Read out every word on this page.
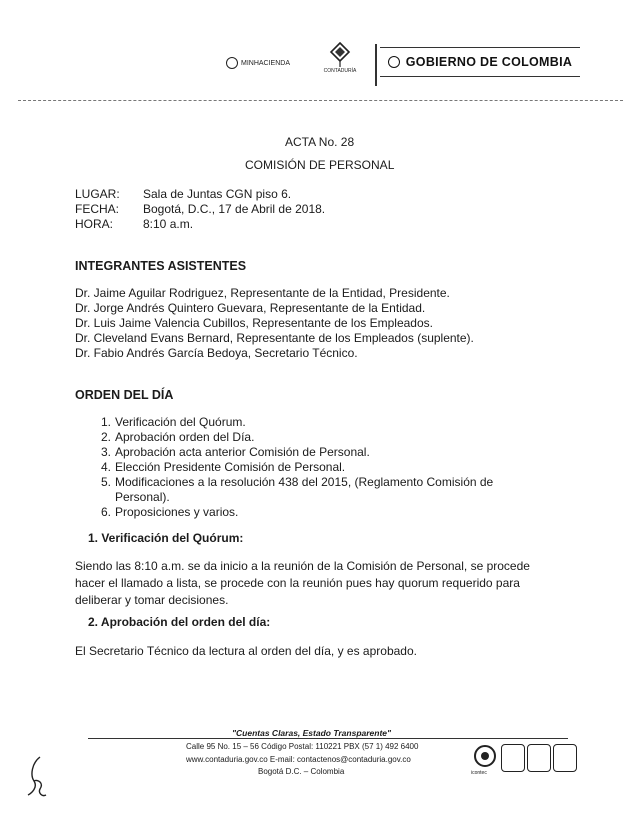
MINHACIENDA
CONTADURÍA
GOBIERNO DE COLOMBIA
ACTA No. 28
COMISIÓN DE PERSONAL
LUGAR:	Sala de Juntas CGN piso 6.
FECHA:	Bogotá, D.C., 17 de Abril de 2018.
HORA:	8:10 a.m.
INTEGRANTES ASISTENTES
Dr. Jaime Aguilar Rodriguez, Representante de la Entidad, Presidente.
Dr. Jorge Andrés Quintero Guevara, Representante de la Entidad.
Dr. Luis Jaime Valencia Cubillos, Representante de los Empleados.
Dr. Cleveland Evans Bernard, Representante de los Empleados (suplente).
Dr. Fabio Andrés García Bedoya, Secretario Técnico.
ORDEN DEL DÍA
1. Verificación del Quórum.
2. Aprobación orden del Día.
3. Aprobación acta anterior Comisión de Personal.
4. Elección Presidente Comisión de Personal.
5. Modificaciones a la resolución 438 del 2015, (Reglamento Comisión de
Personal).
6. Proposiciones y varios.
1. Verificación del Quórum:
Siendo las 8:10 a.m. se da inicio a la reunión de la Comisión de Personal, se procede
hacer el llamado a lista, se procede con la reunión pues hay quorum requerido para
deliberar y tomar decisiones.
2. Aprobación del orden del día:
El Secretario Técnico da lectura al orden del día, y es aprobado.
"Cuentas Claras, Estado Transparente"
Calle 95 No. 15 – 56 Código Postal: 110221 PBX (57 1) 492 6400
www.contaduria.gov.co E-mail: contactenos@contaduria.gov.co
Bogotá D.C. – Colombia	icontec
